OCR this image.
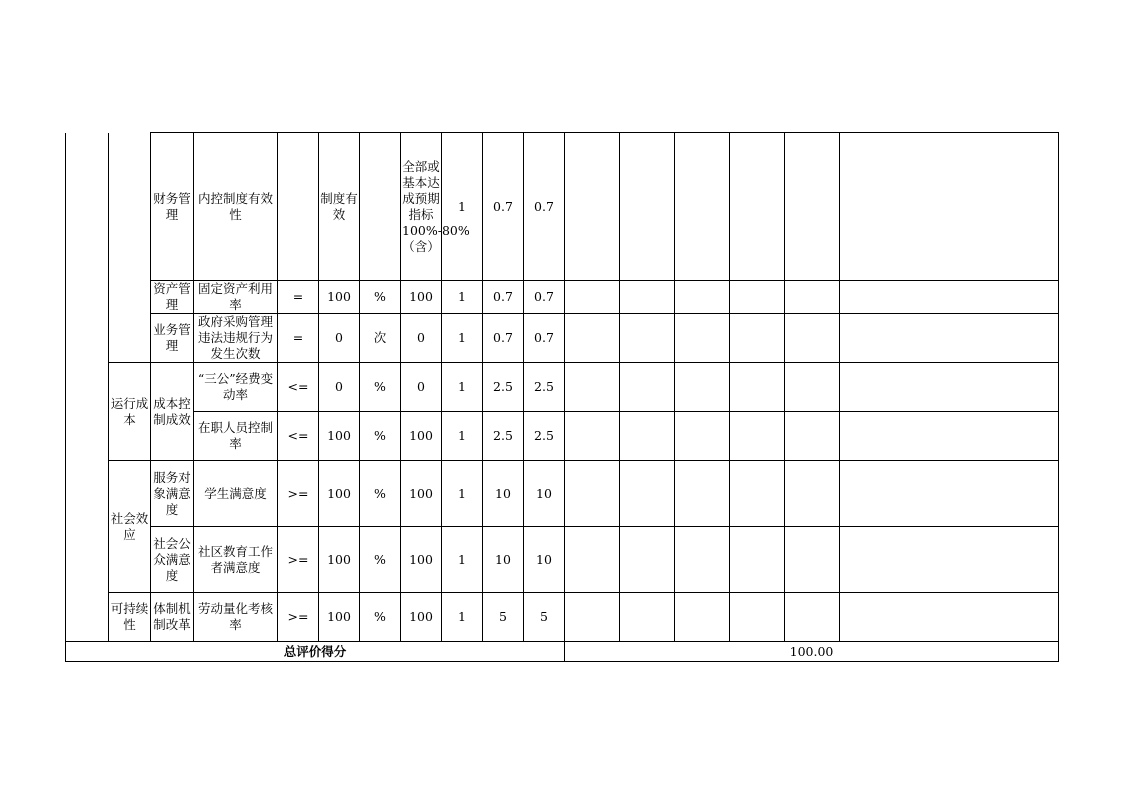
		财务管理	内控制度有效性		制度有效		全部或基本达成预期指标100%-80%（含）	1	0.7	0.7						
		资产管理	固定资产利用率	=	100	%	100	1	0.7	0.7						
		业务管理	政府采购管理违法违规行为发生次数	=	0	次	0	1	0.7	0.7						
	运行成本	成本控制成效	“三公”经费变动率	<=	0	%	0	1	2.5	2.5						
			在职人员控制率	<=	100	%	100	1	2.5	2.5						
	社会效应	服务对象满意度	学生满意度	>=	100	%	100	1	10	10						
		社会公众满意度	社区教育工作者满意度	>=	100	%	100	1	10	10						
	可持续性	体制机制改革	劳动量化考核率	>=	100	%	100	1	5	5						
总评价得分											100.00					
